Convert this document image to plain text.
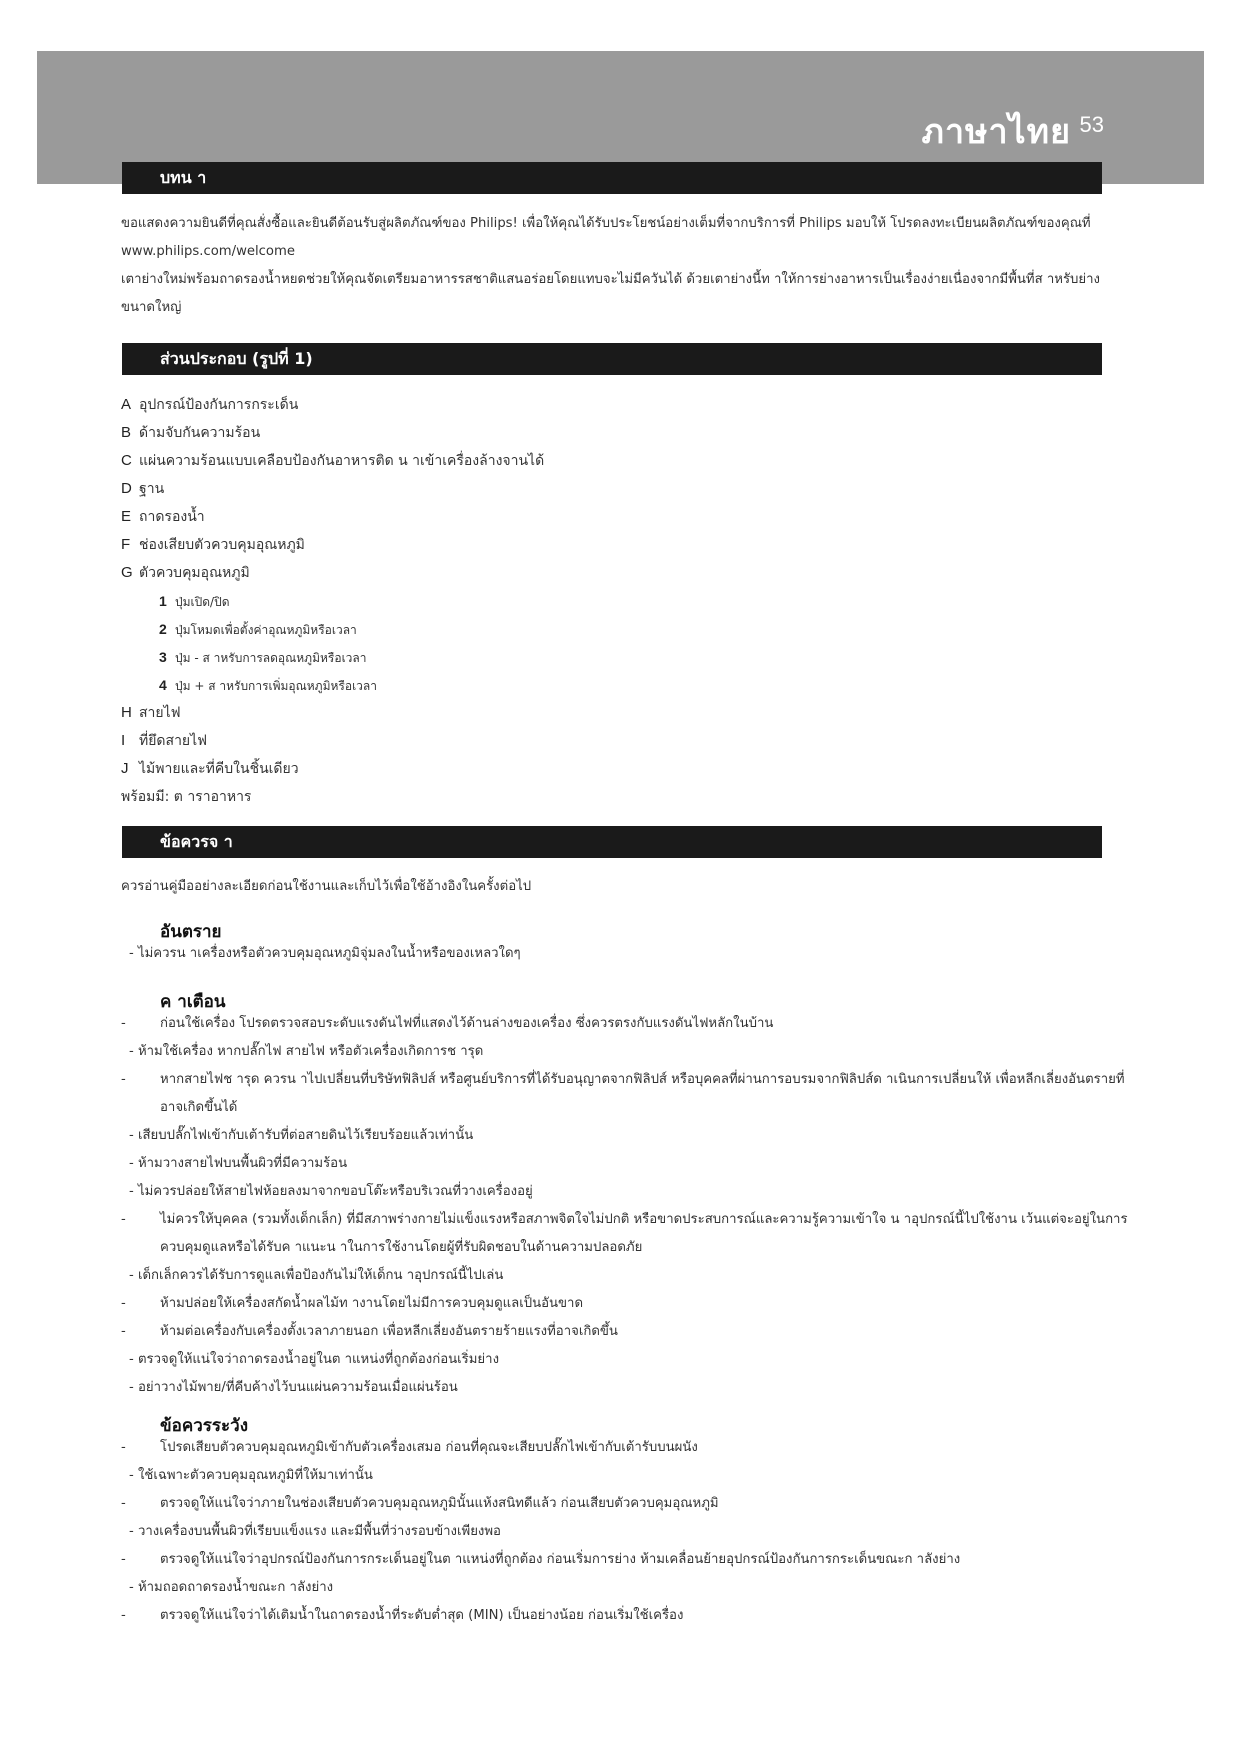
ภาษาไทย 53
บทน า
ขอแสดงความยินดีที่คุณสั่งซื้อและยินดีต้อนรับสู่ผลิตภัณฑ์ของ Philips! เพื่อให้คุณได้รับประโยชน์อย่างเต็มที่จากบริการที่ Philips มอบให้ โปรดลงทะเบียนผลิตภัณฑ์ของคุณที่ www.philips.com/welcome
เตาย่างใหม่พร้อมถาดรองน้ำหยดช่วยให้คุณจัดเตรียมอาหารรสชาติแสนอร่อยโดยแทบจะไม่มีควันได้ ด้วยเตาย่างนี้ท าให้การย่างอาหารเป็นเรื่องง่ายเนื่องจากมีพื้นที่ส าหรับย่างขนาดใหญ่
ส่วนประกอบ (รูปที่ 1)
A อุปกรณ์ป้องกันการกระเด็น
B ด้ามจับกันความร้อน
C แผ่นความร้อนแบบเคลือบป้องกันอาหารติด น าเข้าเครื่องล้างจานได้
D ฐาน
E ถาดรองน้ำ
F ช่องเสียบตัวควบคุมอุณหภูมิ
G ตัวควบคุมอุณหภูมิ
1 ปุ่มเปิด/ปิด
2 ปุ่มโหมดเพื่อตั้งค่าอุณหภูมิหรือเวลา
3 ปุ่ม - ส าหรับการลดอุณหภูมิหรือเวลา
4 ปุ่ม + ส าหรับการเพิ่มอุณหภูมิหรือเวลา
H สายไฟ
I ที่ยึดสายไฟ
J ไม้พายและที่คีบในชิ้นเดียว
พร้อมมี: ต าราอาหาร
ข้อควรจ า
ควรอ่านคู่มืออย่างละเอียดก่อนใช้งานและเก็บไว้เพื่อใช้อ้างอิงในครั้งต่อไป
อันตราย
- ไม่ควรน าเครื่องหรือตัวควบคุมอุณหภูมิจุ่มลงในน้ำหรือของเหลวใดๆ
ค าเตือน
-	ก่อนใช้เครื่อง โปรดตรวจสอบระดับแรงดันไฟที่แสดงไว้ด้านล่างของเครื่อง ซึ่งควรตรงกับแรงดันไฟหลักในบ้าน
- ห้ามใช้เครื่อง หากปลั๊กไฟ สายไฟ หรือตัวเครื่องเกิดการช ารุด
-	หากสายไฟช ารุด ควรน าไปเปลี่ยนที่บริษัทฟิลิปส์ หรือศูนย์บริการที่ได้รับอนุญาตจากฟิลิปส์ หรือบุคคลที่ผ่านการอบรมจากฟิลิปส์ด าเนินการเปลี่ยนให้ เพื่อหลีกเลี่ยงอันตรายที่อาจเกิดขึ้นได้
- เสียบปลั๊กไฟเข้ากับเต้ารับที่ต่อสายดินไว้เรียบร้อยแล้วเท่านั้น
- ห้ามวางสายไฟบนพื้นผิวที่มีความร้อน
- ไม่ควรปล่อยให้สายไฟห้อยลงมาจากขอบโต๊ะหรือบริเวณที่วางเครื่องอยู่
-	ไม่ควรให้บุคคล (รวมทั้งเด็กเล็ก) ที่มีสภาพร่างกายไม่แข็งแรงหรือสภาพจิตใจไม่ปกติ หรือขาดประสบการณ์และความรู้ความเข้าใจ น าอุปกรณ์นี้ไปใช้งาน เว้นแต่จะอยู่ในการควบคุมดูแลหรือได้รับค าแนะน าในการใช้งานโดยผู้ที่รับผิดชอบในด้านความปลอดภัย
- เด็กเล็กควรได้รับการดูแลเพื่อป้องกันไม่ให้เด็กน าอุปกรณ์นี้ไปเล่น
-	ห้ามปล่อยให้เครื่องสกัดน้ำผลไม้ท างานโดยไม่มีการควบคุมดูแลเป็นอันขาด
-	ห้ามต่อเครื่องกับเครื่องตั้งเวลาภายนอก เพื่อหลีกเลี่ยงอันตรายร้ายแรงที่อาจเกิดขึ้น
- ตรวจดูให้แน่ใจว่าถาดรองน้ำอยู่ในต าแหน่งที่ถูกต้องก่อนเริ่มย่าง
- อย่าวางไม้พาย/ที่คีบค้างไว้บนแผ่นความร้อนเมื่อแผ่นร้อน
ข้อควรระวัง
-	โปรดเสียบตัวควบคุมอุณหภูมิเข้ากับตัวเครื่องเสมอ ก่อนที่คุณจะเสียบปลั๊กไฟเข้ากับเต้ารับบนผนัง
- ใช้เฉพาะตัวควบคุมอุณหภูมิที่ให้มาเท่านั้น
-	ตรวจดูให้แน่ใจว่าภายในช่องเสียบตัวควบคุมอุณหภูมินั้นแห้งสนิทดีแล้ว ก่อนเสียบตัวควบคุมอุณหภูมิ
- วางเครื่องบนพื้นผิวที่เรียบแข็งแรง และมีพื้นที่ว่างรอบข้างเพียงพอ
-	ตรวจดูให้แน่ใจว่าอุปกรณ์ป้องกันการกระเด็นอยู่ในต าแหน่งที่ถูกต้อง ก่อนเริ่มการย่าง ห้ามเคลื่อนย้ายอุปกรณ์ป้องกันการกระเด็นขณะก าลังย่าง
- ห้ามถอดถาดรองน้ำขณะก าลังย่าง
-	ตรวจดูให้แน่ใจว่าได้เติมน้ำในถาดรองน้ำที่ระดับต่ำสุด (MIN) เป็นอย่างน้อย ก่อนเริ่มใช้เครื่อง
